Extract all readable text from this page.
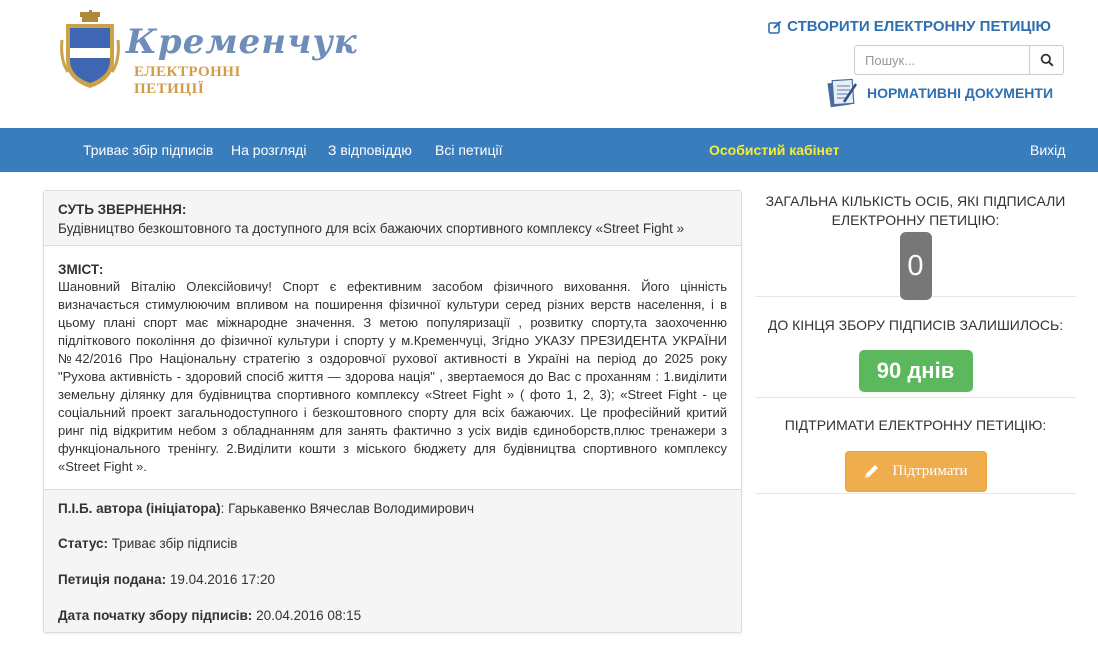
Кременчук
ЕЛЕКТРОННІ ПЕТИЦІЇ
СТВОРИТИ ЕЛЕКТРОННУ ПЕТИЦІЮ
Пошук...
НОРМАТИВНІ ДОКУМЕНТИ
Триває збір підписів На розгляді З відповіддю Всі петиції	Особистий кабінет	Вихід
СУТЬ ЗВЕРНЕННЯ:
Будівництво безкоштовного та доступного для всіх бажаючих спортивного комплексу «Street Fight »
ЗМІСТ:
Шановний Віталію Олексійовичу! Спорт є ефективним засобом фізичного виховання. Його цінність визначається стимулюючим впливом на поширення фізичної культури серед різних верств населення, і в цьому плані спорт має міжнародне значення. З метою популяризації , розвитку спорту,та заохоченню підліткового покоління до фізичної культури і спорту у м.Кременчуці, Згідно УКАЗУ ПРЕЗИДЕНТА УКРАЇНИ №42/2016 Про Національну стратегію з оздоровчої рухової активності в Україні на період до 2025 року "Рухова активність - здоровий спосіб життя — здорова нація" , звертаемося до Вас с проханням : 1.виділити земельну ділянку для будівництва спортивного комплексу «Street Fight » ( фото 1, 2, 3); «Street Fight - це соціальний проект загальнодоступного і безкоштовного спорту для всіх бажаючих. Це професійний критий ринг під відкритим небом з обладнанням для занять фактично з усіх видів єдиноборств,плюс тренажери з функціонального тренінгу. 2.Виділити кошти з міського бюджету для будівництва спортивного комплексу «Street Fight ».
П.І.Б. автора (ініціатора): Гарькавенко Вячеслав Володимирович
Статус: Триває збір підписів
Петиція подана: 19.04.2016 17:20
Дата початку збору підписів: 20.04.2016 08:15
ЗАГАЛЬНА КІЛЬКІСТЬ ОСІБ, ЯКІ ПІДПИСАЛИ ЕЛЕКТРОННУ ПЕТИЦІЮ:
0
ДО КІНЦЯ ЗБОРУ ПІДПИСІВ ЗАЛИШИЛОСЬ:
90 днів
ПІДТРИМАТИ ЕЛЕКТРОННУ ПЕТИЦІЮ:
Підтримати
